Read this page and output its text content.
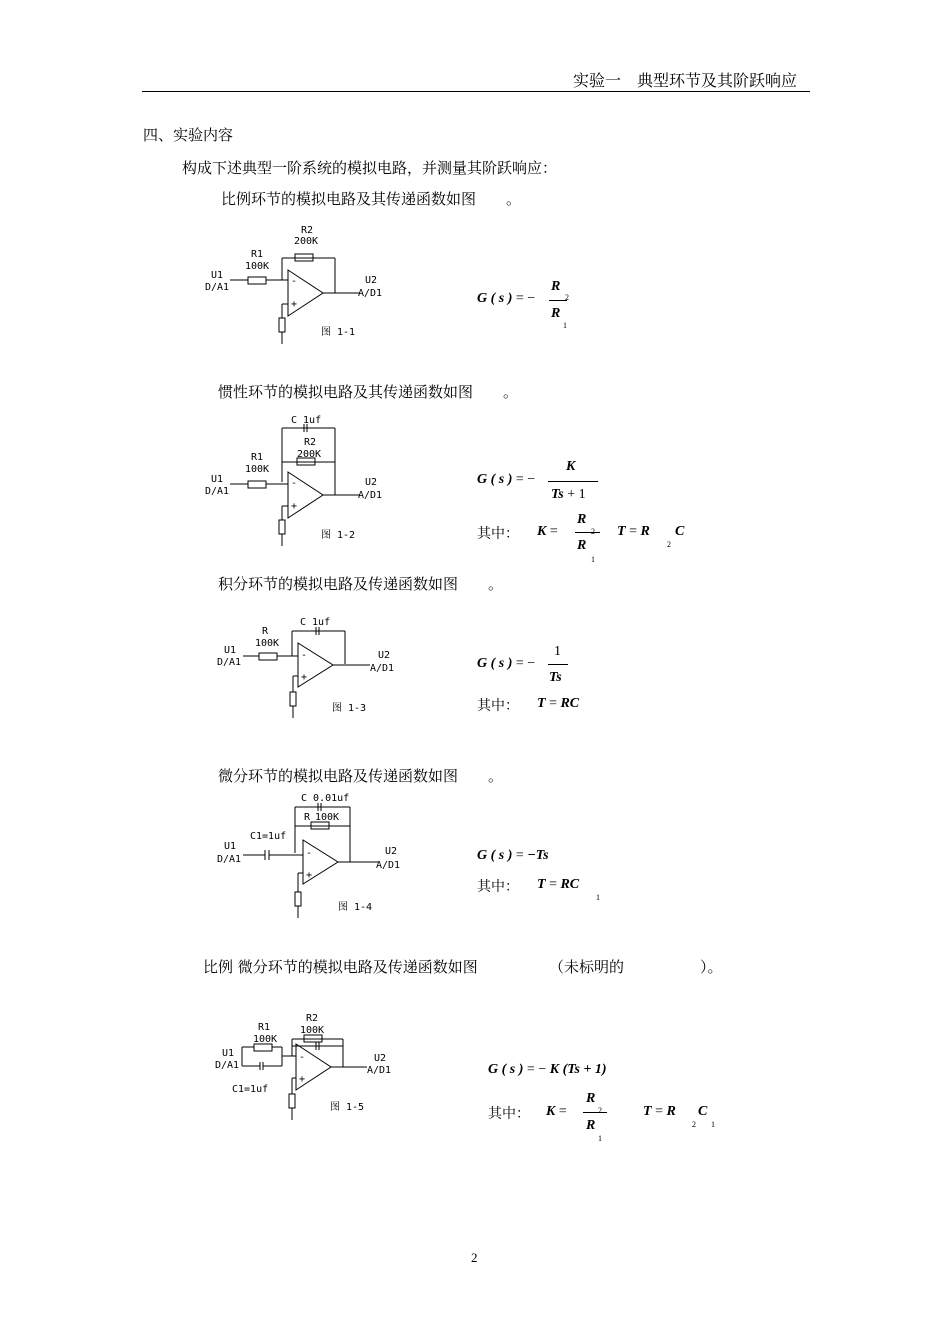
实验一　典型环节及其阶跃响应
四、实验内容
构成下述典型一阶系统的模拟电路，并测量其阶跃响应：
比例环节的模拟电路及其传递函数如图　　。
R2
200K
R1
100K
U1
D/A1
-
+
U2
A/D1
图 1-1
G ( s ) = −
R
2
R
1
惯性环节的模拟电路及其传递函数如图　　。
C 1uf
R2
200K
R1
100K
U1
D/A1
-
+
U2
A/D1
图 1-2
G ( s ) = −
K
Ts + 1
其中： K =
R
2
R
1
T = R
2
C
积分环节的模拟电路及传递函数如图　　。
C 1uf
R
100K
U1
D/A1
-
+
U2
A/D1
图 1-3
G ( s ) = −
1
Ts
其中： T = RC
微分环节的模拟电路及传递函数如图　　。
C 0.01uf
R 100K
C1=1uf
U1
D/A1
-
+
U2
A/D1
图 1-4
G ( s ) = −Ts
其中： T = RC
1
比例 微分环节的模拟电路及传递函数如图	（未标明的	）。
R2
100K
R1
100K
U1
D/A1
-
+
U2
A/D1
C1=1uf
图 1-5
G ( s ) = − K (Ts + 1)
其中： K =
R
2
R
1
T = R
2
C
1
2
